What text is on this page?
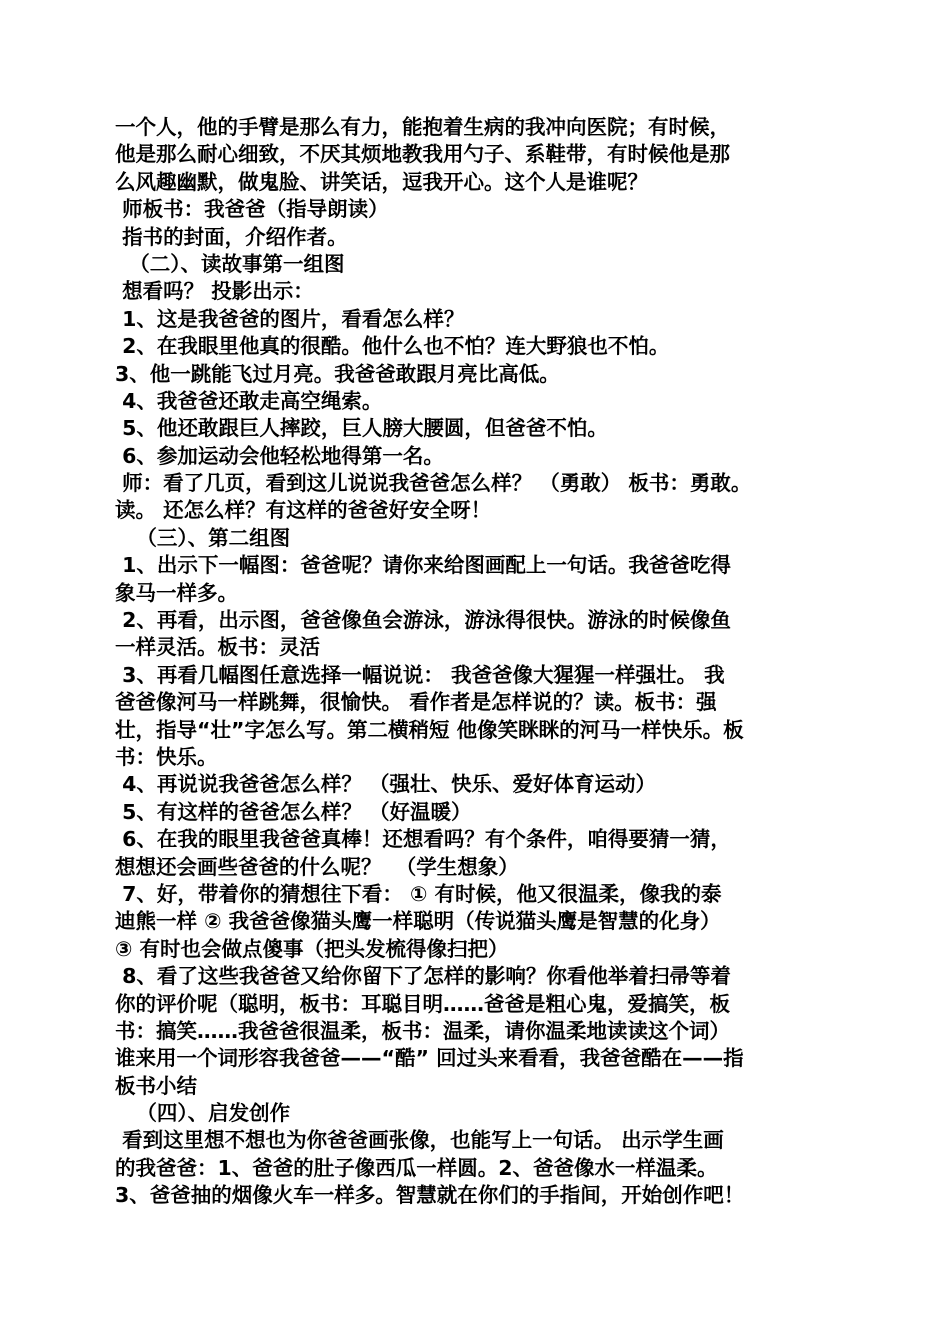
一个人，他的手臂是那么有力，能抱着生病的我冲向医院；有时候，
他是那么耐心细致，不厌其烦地教我用勺子、系鞋带，有时候他是那
么风趣幽默，做鬼脸、讲笑话，逗我开心。这个人是谁呢？
师板书：我爸爸（指导朗读）
指书的封面，介绍作者。
（二）、读故事第一组图
想看吗？ 投影出示：
1、这是我爸爸的图片，看看怎么样？
2、在我眼里他真的很酷。他什么也不怕？连大野狼也不怕。
3、他一跳能飞过月亮。我爸爸敢跟月亮比高低。
4、我爸爸还敢走高空绳索。
5、他还敢跟巨人摔跤，巨人膀大腰圆，但爸爸不怕。
6、参加运动会他轻松地得第一名。
师：看了几页，看到这儿说说我爸爸怎么样？ （勇敢） 板书：勇敢。
读。 还怎么样？有这样的爸爸好安全呀！
（三）、第二组图
1、出示下一幅图：爸爸呢？请你来给图画配上一句话。我爸爸吃得
象马一样多。
2、再看，出示图，爸爸像鱼会游泳，游泳得很快。游泳的时候像鱼
一样灵活。板书：灵活
3、再看几幅图任意选择一幅说说： 我爸爸像大猩猩一样强壮。 我
爸爸像河马一样跳舞，很愉快。 看作者是怎样说的？读。板书：强
壮，指导“壮”字怎么写。第二横稍短 他像笑眯眯的河马一样快乐。板
书：快乐。
4、再说说我爸爸怎么样？ （强壮、快乐、爱好体育运动）
5、有这样的爸爸怎么样？ （好温暖）
6、在我的眼里我爸爸真棒！还想看吗？有个条件，咱得要猜一猜，
想想还会画些爸爸的什么呢？  （学生想象）
7、好，带着你的猜想往下看： ① 有时候，他又很温柔，像我的泰
迪熊一样 ② 我爸爸像猫头鹰一样聪明（传说猫头鹰是智慧的化身）
③ 有时也会做点傻事（把头发梳得像扫把）
8、看了这些我爸爸又给你留下了怎样的影响？你看他举着扫帚等着
你的评价呢（聪明，板书：耳聪目明……爸爸是粗心鬼，爱搞笑，板
书：搞笑……我爸爸很温柔，板书：温柔，请你温柔地读读这个词）
谁来用一个词形容我爸爸——“酷” 回过头来看看，我爸爸酷在——指
板书小结
（四）、启发创作
看到这里想不想也为你爸爸画张像，也能写上一句话。 出示学生画
的我爸爸：1、爸爸的肚子像西瓜一样圆。2、爸爸像水一样温柔。
3、爸爸抽的烟像火车一样多。智慧就在你们的手指间，开始创作吧！
